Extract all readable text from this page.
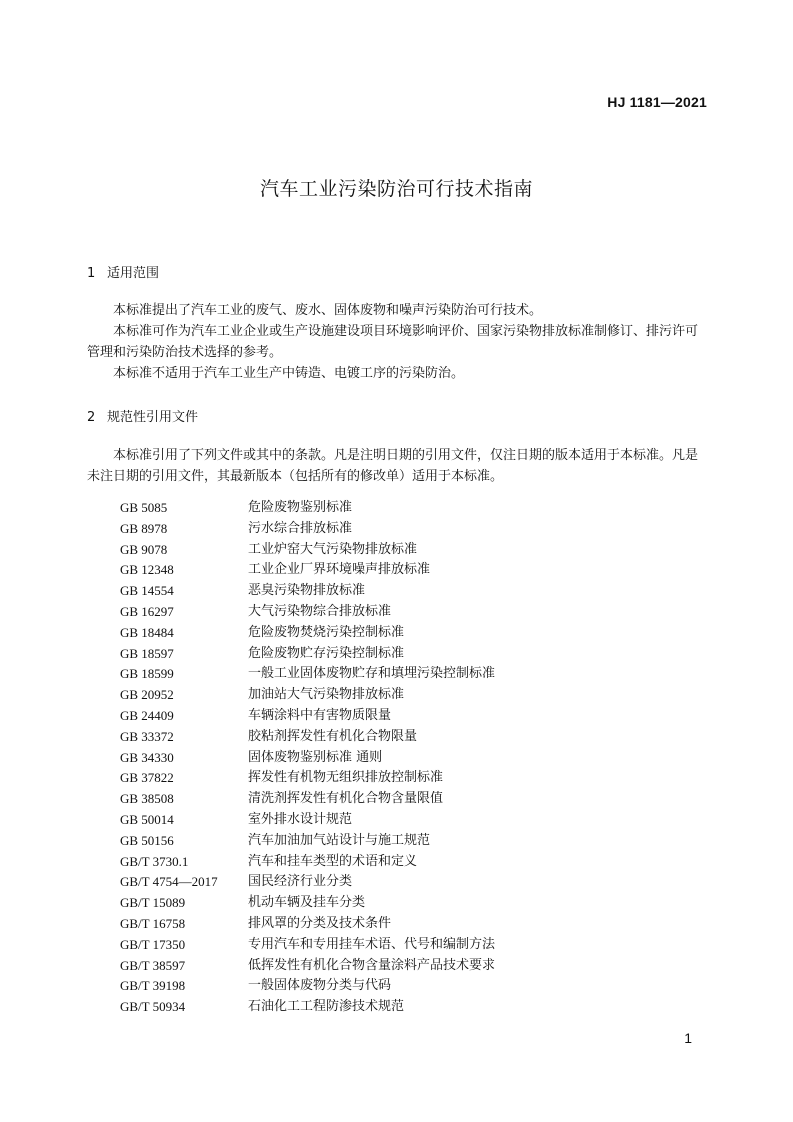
HJ 1181—2021
汽车工业污染防治可行技术指南
1 适用范围

本标准提出了汽车工业的废气、废水、固体废物和噪声污染防治可行技术。

本标准可作为汽车工业企业或生产设施建设项目环境影响评价、国家污染物排放标准制修订、排污许可管理和污染防治技术选择的参考。

本标准不适用于汽车工业生产中铸造、电镀工序的污染防治。

2 规范性引用文件

本标准引用了下列文件或其中的条款。凡是注明日期的引用文件，仅注日期的版本适用于本标准。凡是未注日期的引用文件，其最新版本（包括所有的修改单）适用于本标准。

GB 5085	危险废物鉴别标准
GB 8978	污水综合排放标准
GB 9078	工业炉窑大气污染物排放标准
GB 12348	工业企业厂界环境噪声排放标准
GB 14554	恶臭污染物排放标准
GB 16297	大气污染物综合排放标准
GB 18484	危险废物焚烧污染控制标准
GB 18597	危险废物贮存污染控制标准
GB 18599	一般工业固体废物贮存和填埋污染控制标准
GB 20952	加油站大气污染物排放标准
GB 24409	车辆涂料中有害物质限量
GB 33372	胶粘剂挥发性有机化合物限量
GB 34330	固体废物鉴别标准 通则
GB 37822	挥发性有机物无组织排放控制标准
GB 38508	清洗剂挥发性有机化合物含量限值
GB 50014	室外排水设计规范
GB 50156	汽车加油加气站设计与施工规范
GB/T 3730.1	汽车和挂车类型的术语和定义
GB/T 4754—2017	国民经济行业分类
GB/T 15089	机动车辆及挂车分类
GB/T 16758	排风罩的分类及技术条件
GB/T 17350	专用汽车和专用挂车术语、代号和编制方法
GB/T 38597	低挥发性有机化合物含量涂料产品技术要求
GB/T 39198	一般固体废物分类与代码
GB/T 50934	石油化工工程防渗技术规范
1
